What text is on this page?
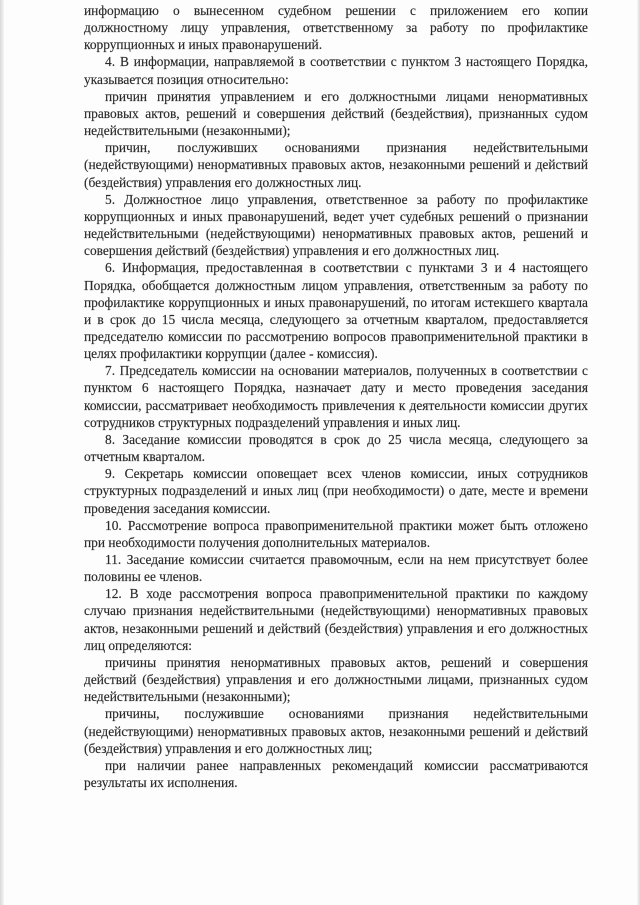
информацию о вынесенном судебном решении с приложением его копии должностному лицу управления, ответственному за работу по профилактике коррупционных и иных правонарушений.

4. В информации, направляемой в соответствии с пунктом 3 настоящего Порядка, указывается позиция относительно:

причин принятия управлением и его должностными лицами ненормативных правовых актов, решений и совершения действий (бездействия), признанных судом недействительными (незаконными);

причин, послуживших основаниями признания недействительными (недействующими) ненормативных правовых актов, незаконными решений и действий (бездействия) управления его должностных лиц.

5. Должностное лицо управления, ответственное за работу по профилактике коррупционных и иных правонарушений, ведет учет судебных решений о признании недействительными (недействующими) ненормативных правовых актов, решений и совершения действий (бездействия) управления и его должностных лиц.

6. Информация, предоставленная в соответствии с пунктами 3 и 4 настоящего Порядка, обобщается должностным лицом управления, ответственным за работу по профилактике коррупционных и иных правонарушений, по итогам истекшего квартала и в срок до 15 числа месяца, следующего за отчетным кварталом, предоставляется председателю комиссии по рассмотрению вопросов правоприменительной практики в целях профилактики коррупции (далее - комиссия).

7. Председатель комиссии на основании материалов, полученных в соответствии с пунктом 6 настоящего Порядка, назначает дату и место проведения заседания комиссии, рассматривает необходимость привлечения к деятельности комиссии других сотрудников структурных подразделений управления и иных лиц.

8. Заседание комиссии проводятся в срок до 25 числа месяца, следующего за отчетным кварталом.

9. Секретарь комиссии оповещает всех членов комиссии, иных сотрудников структурных подразделений и иных лиц (при необходимости) о дате, месте и времени проведения заседания комиссии.

10. Рассмотрение вопроса правоприменительной практики может быть отложено при необходимости получения дополнительных материалов.

11. Заседание комиссии считается правомочным, если на нем присутствует более половины ее членов.

12. В ходе рассмотрения вопроса правоприменительной практики по каждому случаю признания недействительными (недействующими) ненормативных правовых актов, незаконными решений и действий (бездействия) управления и его должностных лиц определяются:

причины принятия ненормативных правовых актов, решений и совершения действий (бездействия) управления и его должностными лицами, признанных судом недействительными (незаконными);

причины, послужившие основаниями признания недействительными (недействующими) ненормативных правовых актов, незаконными решений и действий (бездействия) управления и его должностных лиц;

при наличии ранее направленных рекомендаций комиссии рассматриваются результаты их исполнения.
